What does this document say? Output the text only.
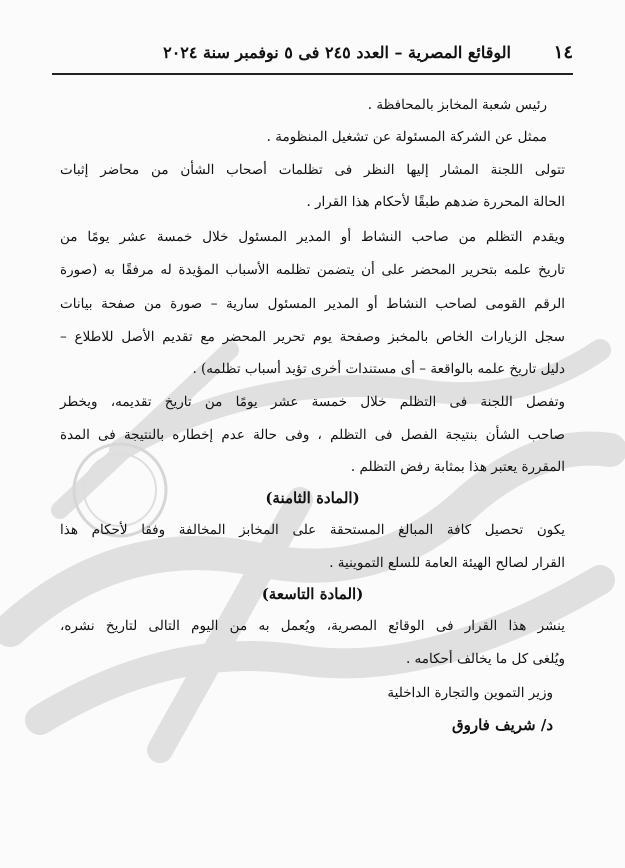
١٤
الوقائع المصرية – العدد ٢٤٥ فى ٥ نوفمبر سنة ٢٠٢٤
رئيس شعبة المخابز بالمحافظة .
ممثل عن الشركة المسئولة عن تشغيل المنظومة .
تتولى اللجنة المشار إليها النظر فى تظلمات أصحاب الشأن من محاضر إثبات
الحالة المحررة ضدهم طبقًا لأحكام هذا القرار .
ويقدم التظلم من صاحب النشاط أو المدير المسئول خلال خمسة عشر يومًا من
تاريخ علمه بتحرير المحضر على أن يتضمن تظلمه الأسباب المؤيدة له مرفقًا به (صورة
الرقم القومى لصاحب النشاط أو المدير المسئول سارية – صورة من صفحة بيانات
سجل الزيارات الخاص بالمخبز وصفحة يوم تحرير المحضر مع تقديم الأصل للاطلاع –
دليل تاريخ علمه بالواقعة – أى مستندات أخرى تؤيد أسباب تظلمه) .
وتفصل اللجنة فى التظلم خلال خمسة عشر يومًا من تاريخ تقديمه، ويخطر
صاحب الشأن بنتيجة الفصل فى التظلم ، وفى حالة عدم إخطاره بالنتيجة فى المدة
المقررة يعتبر هذا بمثابة رفض التظلم .
(المادة الثامنة)
يكون تحصيل كافة المبالغ المستحقة على المخابز المخالفة وفقا لأحكام هذا
القرار لصالح الهيئة العامة للسلع التموينية .
(المادة التاسعة)
ينشر هذا القرار فى الوقائع المصرية، ويُعمل به من اليوم التالى لتاريخ نشره،
ويُلغى كل ما يخالف أحكامه .
وزير التموين والتجارة الداخلية
د/ شريف فاروق
